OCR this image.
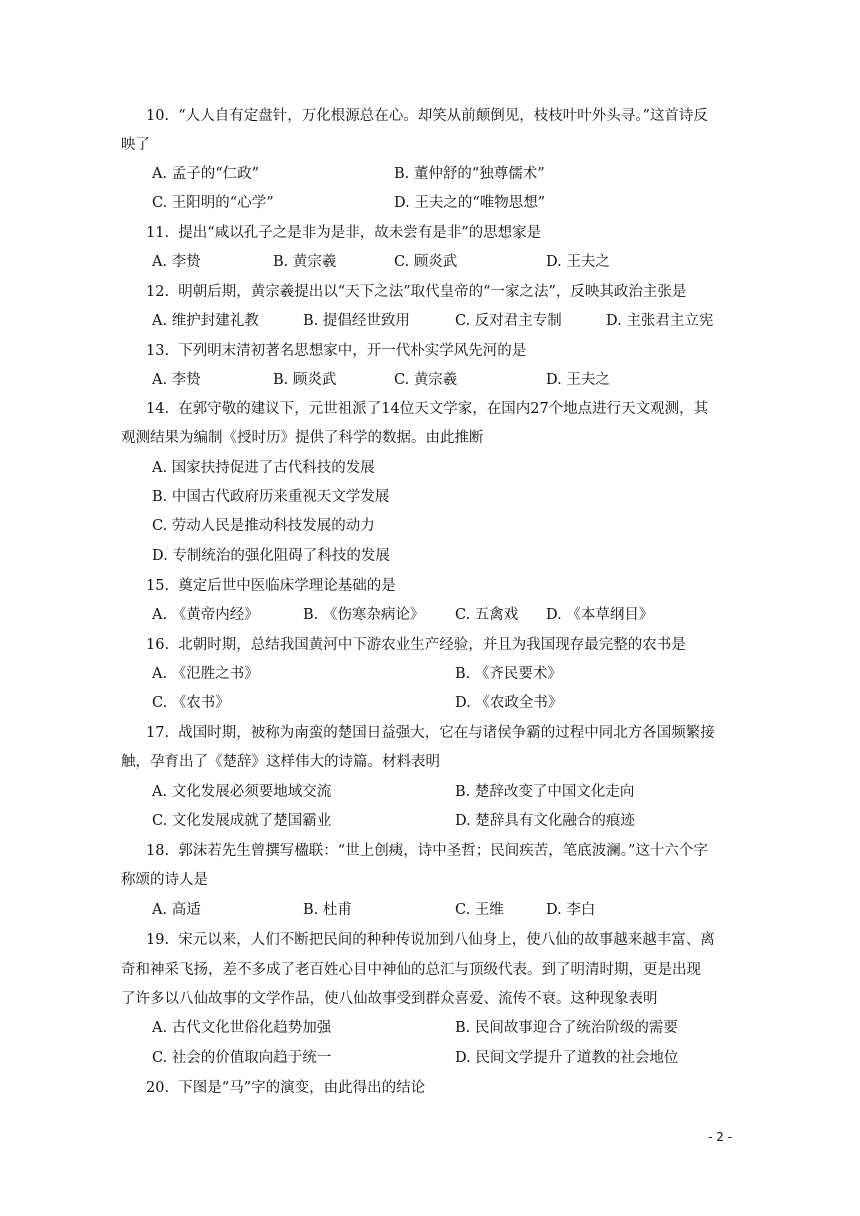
10. “人人自有定盘针，万化根源总在心。却笑从前颠倒见，枝枝叶叶外头寻。”这首诗反
映了
A. 孟子的“仁政”	B. 董仲舒的“独尊儒术”
C. 王阳明的“心学”	D. 王夫之的“唯物思想”
11. 提出“咸以孔子之是非为是非，故未尝有是非”的思想家是
A. 李贽	B. 黄宗羲	C. 顾炎武	D. 王夫之
12. 明朝后期，黄宗羲提出以“天下之法”取代皇帝的“一家之法”，反映其政治主张是
A. 维护封建礼教	B. 提倡经世致用	C. 反对君主专制	D. 主张君主立宪
13. 下列明末清初著名思想家中，开一代朴实学风先河的是
A. 李贽	B. 顾炎武	C. 黄宗羲	D. 王夫之
14. 在郭守敬的建议下，元世祖派了14位天文学家，在国内27个地点进行天文观测，其
观测结果为编制《授时历》提供了科学的数据。由此推断
A. 国家扶持促进了古代科技的发展
B. 中国古代政府历来重视天文学发展
C. 劳动人民是推动科技发展的动力
D. 专制统治的强化阻碍了科技的发展
15. 奠定后世中医临床学理论基础的是
A. 《黄帝内经》	B. 《伤寒杂病论》 C. 五禽戏 D. 《本草纲目》
16. 北朝时期，总结我国黄河中下游农业生产经验，并且为我国现存最完整的农书是
A. 《氾胜之书》	B. 《齐民要术》
C. 《农书》	D. 《农政全书》
17. 战国时期，被称为南蛮的楚国日益强大，它在与诸侯争霸的过程中同北方各国频繁接
触，孕育出了《楚辞》这样伟大的诗篇。材料表明
A. 文化发展必须要地域交流	B. 楚辞改变了中国文化走向
C. 文化发展成就了楚国霸业	D. 楚辞具有文化融合的痕迹
18. 郭沫若先生曾撰写楹联：“世上创痍，诗中圣哲；民间疾苦，笔底波澜。”这十六个字
称颂的诗人是
A. 高适	B. 杜甫	C. 王维	D. 李白
19. 宋元以来，人们不断把民间的种种传说加到八仙身上，使八仙的故事越来越丰富、离
奇和神采飞扬，差不多成了老百姓心目中神仙的总汇与顶级代表。到了明清时期，更是出现
了许多以八仙故事的文学作品，使八仙故事受到群众喜爱、流传不衰。这种现象表明
A. 古代文化世俗化趋势加强	B. 民间故事迎合了统治阶级的需要
C. 社会的价值取向趋于统一	D. 民间文学提升了道教的社会地位
20. 下图是“马”字的演变，由此得出的结论
- 2 -
